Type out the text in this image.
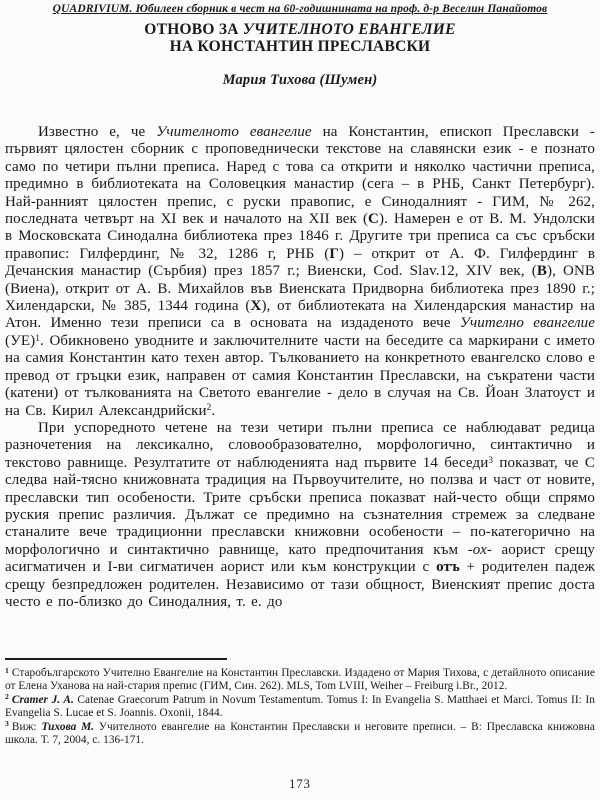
QUADRIVIUM. Юбилеен сборник в чест на 60-годишнината на проф. д-р Веселин Панайотов
ОТНОВО ЗА УЧИТЕЛНОТО ЕВАНГЕЛИЕ
НА КОНСТАНТИН ПРЕСЛАВСКИ
Мария Тихова (Шумен)

Известно е, че Учителното евангелие на Константин, епископ Преславски - първият цялостен сборник с проповеднически текстове на славянски език - е познато само по четири пълни преписа. Наред с това са открити и няколко частични преписа, предимно в библиотеката на Соловецкия манастир (сега – в РНБ, Санкт Петербург). Най-ранният цялостен препис, с руски правопис, е Синодалният - ГИМ, № 262, последната четвърт на XI век и началото на XII век (С). Намерен е от В. М. Ундолски в Московската Синодална библиотека през 1846 г. Другите три преписа са със сръбски правопис: Гилфердинг, № 32, 1286 г, РНБ (Г) – открит от А. Ф. Гилфердинг в Дечанския манастир (Сърбия) през 1857 г.; Виенски, Cod. Slav.12, XIV век, (В), ONB (Виена), открит от А. В. Михайлов във Виенската Придворна библиотека през 1890 г.; Хилендарски, № 385, 1344 година (Х), от библиотеката на Хилендарския манастир на Атон. Именно тези преписи са в основата на издаденото вече Учително евангелие (УЕ)$^1$. Обикновено уводните и заключителните части на беседите са маркирани с името на самия Константин като техен автор. Тълкованието на конкретното евангелско слово е превод от гръцки език, направен от самия Константин Преславски, на съкратени части (катени) от тълкованията на Светото евангелие - дело в случая на Св. Йоан Златоуст и на Св. Кирил Александрийски$^2$.

При успоредното четене на тези четири пълни преписа се наблюдават редица разночетения на лексикално, словообразователно, морфологично, синтактично и текстово равнище. Резултатите от наблюденията над първите 14 беседи$^3$ показват, че С следва най-тясно книжовната традиция на Първоучителите, но ползва и част от новите, преславски тип особености. Трите сръбски преписа показват най-често общи спрямо руския препис различия. Дължат се предимно на съзнателния стремеж за следване станалите вече традиционни преславски книжовни особености – по-категорично на морфологично и синтактично равнище, като предпочитания към -ох- аорист срещу асигматичен и I-ви сигматичен аорист или към конструкции с отъ + родителен падеж срещу безпредложен родителен. Независимо от тази общност, Виенският препис доста често е по-близко до Синодалния, т. е. до

$^1$ Старобългарското Учително Евангелие на Константин Преславски. Издадено от Мария Тихова, с детайлното описание от Елена Уханова на най-стария препис (ГИМ, Син. 262). MLS, Tom LVIII, Weiher – Freiburg i.Br., 2012.
$^2$ Cramer J. A. Catenae Graecorum Patrum in Novum Testamentum. Tomus I: In Evangelia S. Matthaei et Marci. Tomus II: In Evangelia S. Lucae et S. Joannis. Oxonii, 1844.
$^3$ Виж: Тихова М. Учителното евангелие на Константин Преславски и неговите преписи. – В: Преславска книжовна школа. Т. 7, 2004, с. 136-171.
173
